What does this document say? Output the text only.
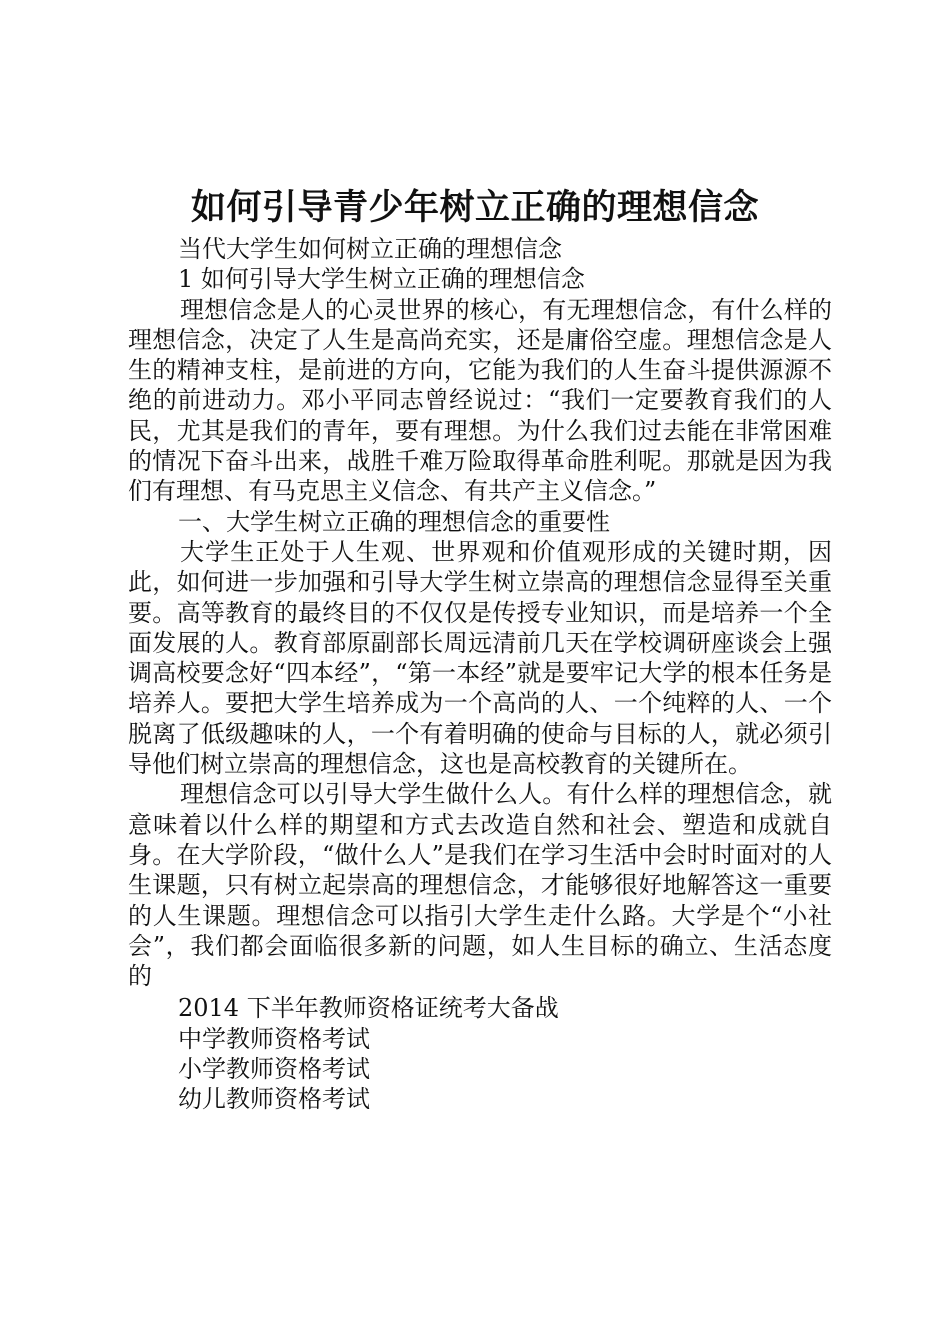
如何引导青少年树立正确的理想信念

当代大学生如何树立正确的理想信念

1 如何引导大学生树立正确的理想信念

理想信念是人的心灵世界的核心，有无理想信念，有什么样的理想信念，决定了人生是高尚充实，还是庸俗空虚。理想信念是人生的精神支柱，是前进的方向，它能为我们的人生奋斗提供源源不绝的前进动力。邓小平同志曾经说过：“我们一定要教育我们的人民，尤其是我们的青年，要有理想。为什么我们过去能在非常困难的情况下奋斗出来，战胜千难万险取得革命胜利呢。那就是因为我们有理想、有马克思主义信念、有共产主义信念。”

一、大学生树立正确的理想信念的重要性

大学生正处于人生观、世界观和价值观形成的关键时期，因此，如何进一步加强和引导大学生树立崇高的理想信念显得至关重要。高等教育的最终目的不仅仅是传授专业知识，而是培养一个全面发展的人。教育部原副部长周远清前几天在学校调研座谈会上强调高校要念好“四本经”，“第一本经”就是要牢记大学的根本任务是培养人。要把大学生培养成为一个高尚的人、一个纯粹的人、一个脱离了低级趣味的人，一个有着明确的使命与目标的人，就必须引导他们树立崇高的理想信念，这也是高校教育的关键所在。

理想信念可以引导大学生做什么人。有什么样的理想信念，就意味着以什么样的期望和方式去改造自然和社会、塑造和成就自身。在大学阶段，“做什么人”是我们在学习生活中会时时面对的人生课题，只有树立起崇高的理想信念，才能够很好地解答这一重要的人生课题。理想信念可以指引大学生走什么路。大学是个“小社会”，我们都会面临很多新的问题，如人生目标的确立、生活态度的

2014 下半年教师资格证统考大备战

中学教师资格考试

小学教师资格考试

幼儿教师资格考试
